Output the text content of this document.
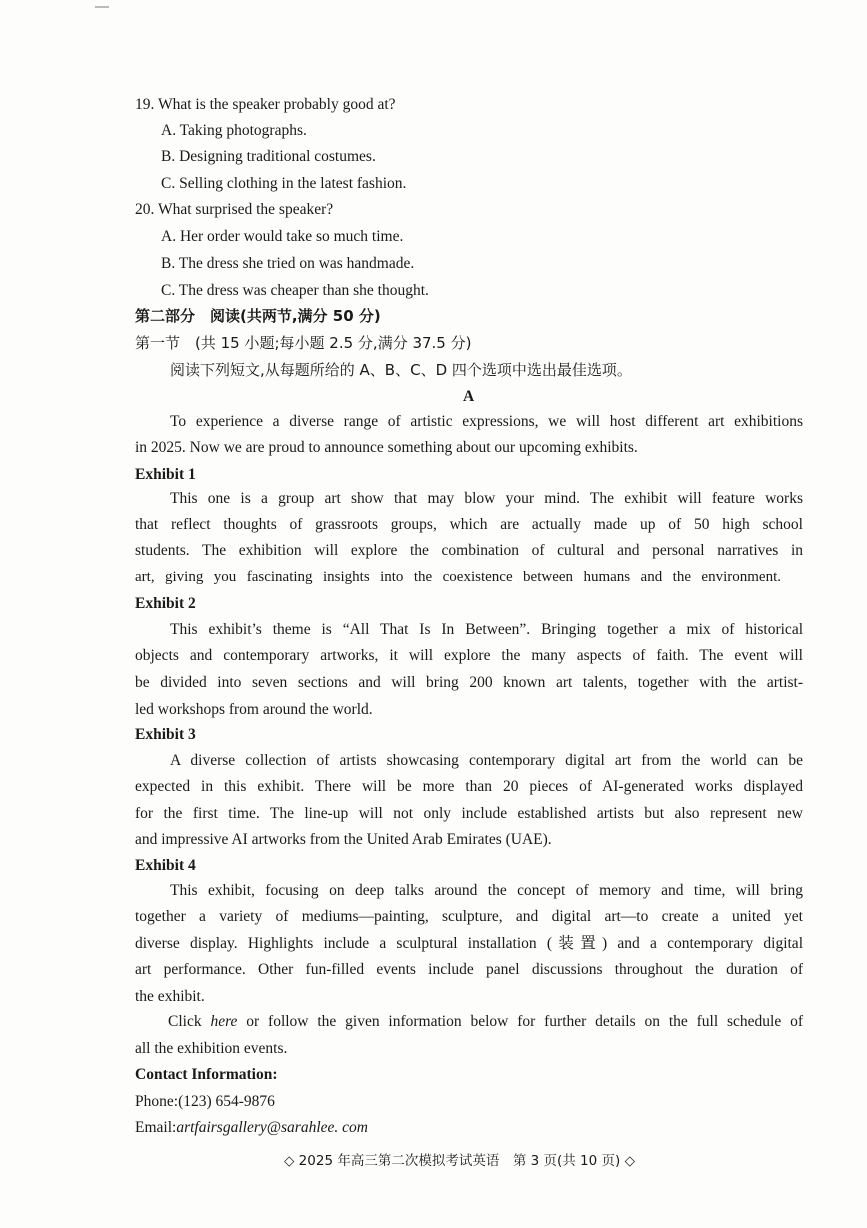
19. What is the speaker probably good at?
A. Taking photographs.
B. Designing traditional costumes.
C. Selling clothing in the latest fashion.
20. What surprised the speaker?
A. Her order would take so much time.
B. The dress she tried on was handmade.
C. The dress was cheaper than she thought.
第二部分　阅读(共两节,满分 50 分)
第一节　(共 15 小题;每小题 2.5 分,满分 37.5 分)
阅读下列短文,从每题所给的 A、B、C、D 四个选项中选出最佳选项。
A
To experience a diverse range of artistic expressions, we will host different art exhibitions
in 2025. Now we are proud to announce something about our upcoming exhibits.
Exhibit 1
This one is a group art show that may blow your mind. The exhibit will feature works
that reflect thoughts of grassroots groups, which are actually made up of 50 high school
students. The exhibition will explore the combination of cultural and personal narratives in
art, giving you fascinating insights into the coexistence between humans and the environment.
Exhibit 2
This exhibit’s theme is “All That Is In Between”. Bringing together a mix of historical
objects and contemporary artworks, it will explore the many aspects of faith. The event will
be divided into seven sections and will bring 200 known art talents, together with the artist-
led workshops from around the world.
Exhibit 3
A diverse collection of artists showcasing contemporary digital art from the world can be
expected in this exhibit. There will be more than 20 pieces of AI-generated works displayed
for the first time. The line-up will not only include established artists but also represent new
and impressive AI artworks from the United Arab Emirates (UAE).
Exhibit 4
This exhibit, focusing on deep talks around the concept of memory and time, will bring
together a variety of mediums—painting, sculpture, and digital art—to create a united yet
diverse display. Highlights include a sculptural installation (装置) and a contemporary digital
art performance. Other fun-filled events include panel discussions throughout the duration of
the exhibit.
Click here or follow the given information below for further details on the full schedule of
all the exhibition events.
Contact Information:
Phone:(123) 654-9876
Email:artfairsgallery@sarahlee. com
◇ 2025 年高三第二次模拟考试英语　第 3 页(共 10 页) ◇
